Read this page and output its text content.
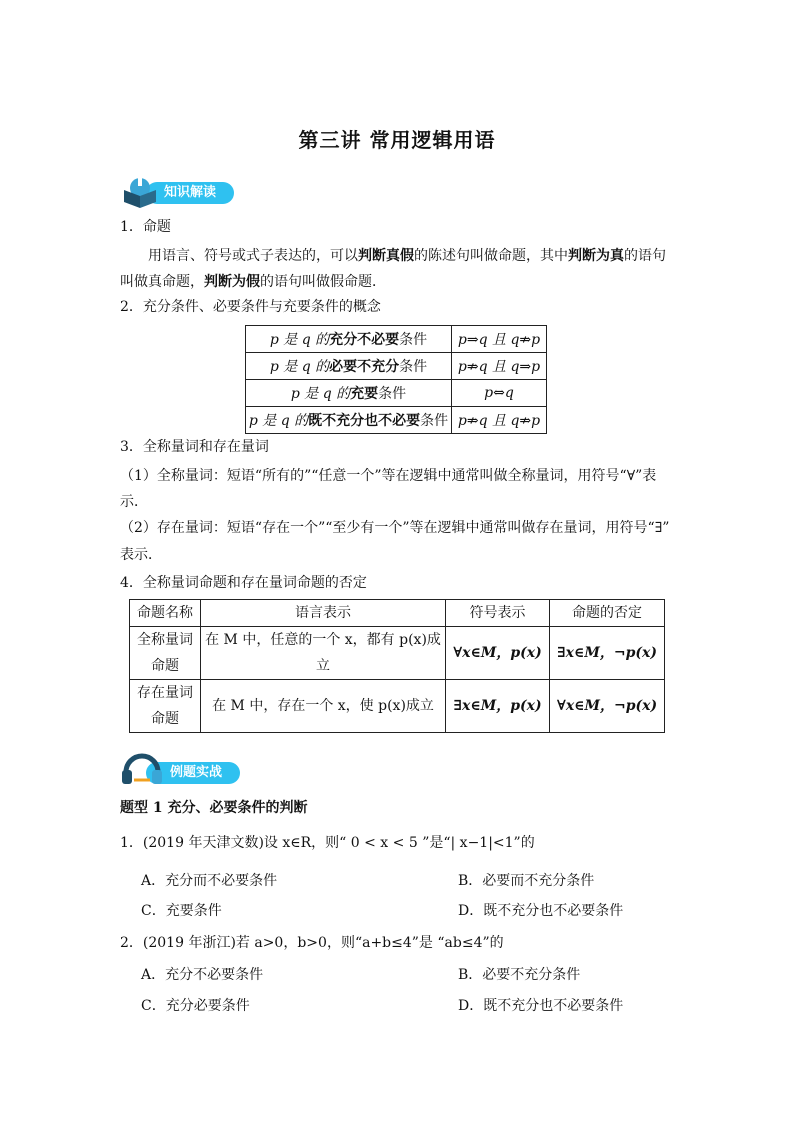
第三讲 常用逻辑用语
知识解读
1．命题
用语言、符号或式子表达的，可以判断真假的陈述句叫做命题，其中判断为真的语句叫做真命题，判断为假的语句叫做假命题．
2．充分条件、必要条件与充要条件的概念
p 是 q 的充分不必要条件	p⇒q 且 q⇏p
p 是 q 的必要不充分条件	p⇏q 且 q⇒p
p 是 q 的充要条件	p⇔q
p 是 q 的既不充分也不必要条件	p⇏q 且 q⇏p
3．全称量词和存在量词
（1）全称量词：短语“所有的”“任意一个”等在逻辑中通常叫做全称量词，用符号“∀”表
示．
（2）存在量词：短语“存在一个”“至少有一个”等在逻辑中通常叫做存在量词，用符号“∃”
表示．
4．全称量词命题和存在量词命题的否定
命题名称	语言表示	符号表示	命题的否定

全称量词
命题	在 M 中，任意的一个 x，都有 p(x)成立	∀x∈M，p(x)	∃x∈M，¬p(x)

存在量词
命题	在 M 中，存在一个 x，使 p(x)成立	∃x∈M，p(x)	∀x∈M，¬p(x)
例题实战
题型 1 充分、必要条件的判断
1．(2019 年天津文数)设 x∈R，则“ 0 < x < 5 ”是“| x−1|<1”的
A．充分而不必要条件	B．必要而不充分条件
C．充要条件	D．既不充分也不必要条件
2．(2019 年浙江)若 a>0，b>0，则“a+b≤4”是 “ab≤4”的
A．充分不必要条件	B．必要不充分条件
C．充分必要条件	D．既不充分也不必要条件
